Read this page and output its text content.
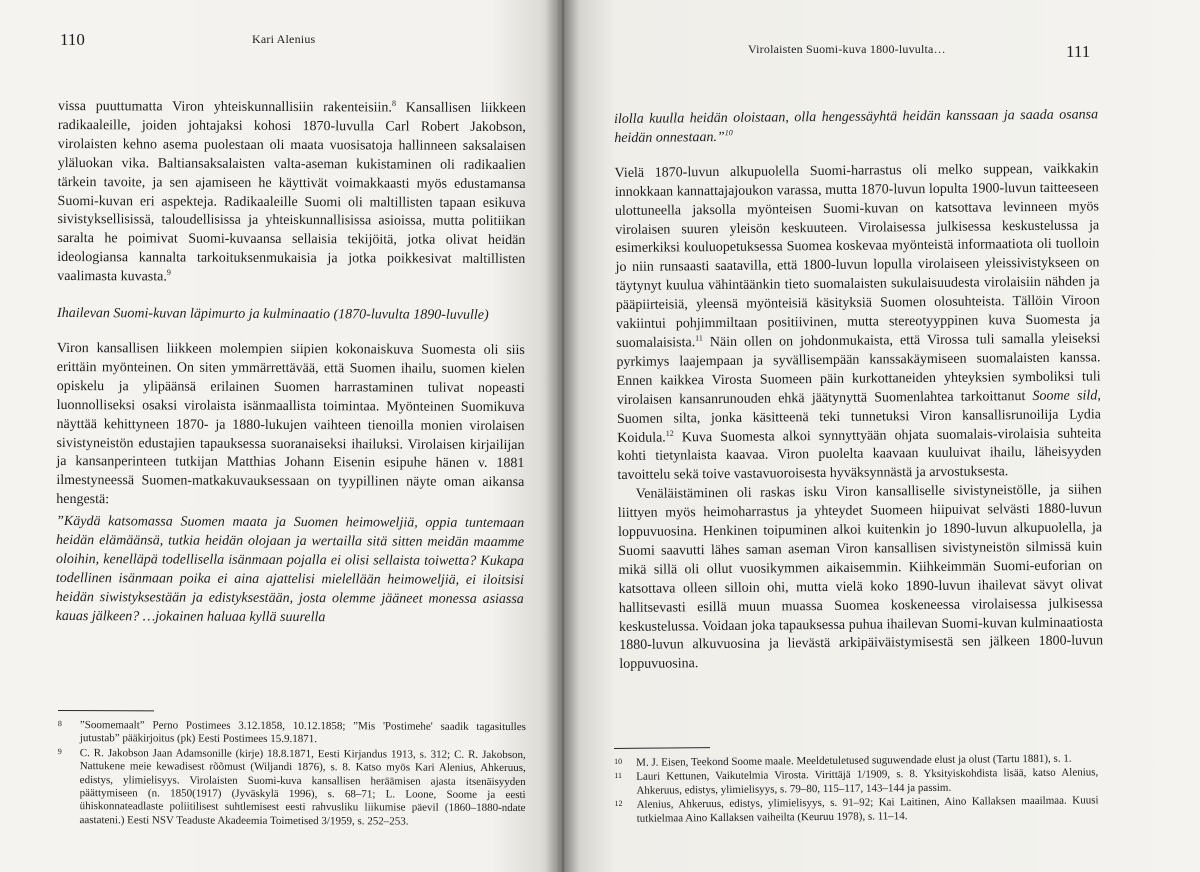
110	Kari Alenius
Virolaisten Suomi-kuva 1800-luvulta…	111

vissa puuttumatta Viron yhteiskunnallisiin rakenteisiin.$^8$ Kansallisen liikkeen radikaaleille, joiden johtajaksi kohosi 1870-luvulla Carl Robert Jakobson, virolaisten kehno asema puolestaan oli maata vuosisatoja hallinneen saksalaisen yläluokan vika. Baltiansaksalaisten valta-aseman kukistaminen oli radikaalien tärkein tavoite, ja sen ajamiseen he käyttivät voimakkaasti myös edustamansa Suomi-kuvan eri aspekteja. Radikaaleille Suomi oli maltillisten tapaan esikuva sivistyksellisissä, taloudellisissa ja yhteiskunnallisissa asioissa, mutta politiikan saralta he poimivat Suomi-kuvaansa sellaisia tekijöitä, jotka olivat heidän ideologiansa kannalta tarkoituksenmukaisia ja jotka poikkesivat maltillisten vaalimasta kuvasta.$^9$

Ihailevan Suomi-kuvan läpimurto ja kulminaatio (1870-luvulta 1890-luvulle)

Viron kansallisen liikkeen molempien siipien kokonaiskuva Suomesta oli siis erittäin myönteinen. On siten ymmärrettävää, että Suomen ihailu, suomen kielen opiskelu ja ylipäänsä erilainen Suomen harrastaminen tulivat nopeasti luonnolliseksi osaksi virolaista isänmaallista toimintaa. Myönteinen Suomikuva näyttää kehittyneen 1870- ja 1880-lukujen vaihteen tienoilla monien virolaisen sivistyneistön edustajien tapauksessa suoranaiseksi ihailuksi. Virolaisen kirjailijan ja kansanperinteen tutkijan Matthias Johann Eisenin esipuhe hänen v. 1881 ilmestyneessä Suomen-matkakuvauksessaan on tyypillinen näyte oman aikansa hengestä:

”Käydä katsomassa Suomen maata ja Suomen heimoweljiä, oppia tuntemaan heidän elämäänsä, tutkia heidän olojaan ja wertailla sitä sitten meidän maamme oloihin, kenelläpä todellisella isänmaan pojalla ei olisi sellaista toiwetta? Kukapa todellinen isänmaan poika ei aina ajattelisi mielellään heimoweljiä, ei iloitsisi heidän siwistyksestään ja edistyksestään, josta olemme jääneet monessa asiassa kauas jälkeen? …jokainen haluaa kyllä suurella

8	”Soomemaalt” Perno Postimees 3.12.1858, 10.12.1858; ”Mis 'Postimehe' saadik tagasitulles jutustab” pääkirjoitus (pk) Eesti Postimees 15.9.1871.
9	C. R. Jakobson Jaan Adamsonille (kirje) 18.8.1871, Eesti Kirjandus 1913, s. 312; C. R. Jakobson, Nattukene meie kewadisest rõõmust (Wiljandi 1876), s. 8. Katso myös Kari Alenius, Ahkeruus, edistys, ylimielisyys. Virolaisten Suomi-kuva kansallisen heräämisen ajasta itsenäisyyden päättymiseen (n. 1850(1917) (Jyväskylä 1996), s. 68–71; L. Loone, Soome ja eesti ühiskonnateadlaste poliitilisest suhtlemisest eesti rahvusliku liikumise päevil (1860–1880-ndate aastateni.) Eesti NSV Teaduste Akadeemia Toimetised 3/1959, s. 252–253.

ilolla kuulla heidän oloistaan, olla hengessäyhtä heidän kanssaan ja saada osansa heidän onnestaan.”$^{10}$

Vielä 1870-luvun alkupuolella Suomi-harrastus oli melko suppean, vaikkakin innokkaan kannattajajoukon varassa, mutta 1870-luvun lopulta 1900-luvun taitteeseen ulottuneella jaksolla myönteisen Suomi-kuvan on katsottava levinneen myös virolaisen suuren yleisön keskuuteen. Virolaisessa julkisessa keskustelussa ja esimerkiksi kouluopetuksessa Suomea koskevaa myönteistä informaatiota oli tuolloin jo niin runsaasti saatavilla, että 1800-luvun lopulla virolaiseen yleissivistykseen on täytynyt kuulua vähintäänkin tieto suomalaisten sukulaisuudesta virolaisiin nähden ja pääpiirteisiä, yleensä myönteisiä käsityksiä Suomen olosuhteista. Tällöin Viroon vakiintui pohjimmiltaan positiivinen, mutta stereotyyppinen kuva Suomesta ja suomalaisista.$^{11}$ Näin ollen on johdonmukaista, että Virossa tuli samalla yleiseksi pyrkimys laajempaan ja syvällisempään kanssakäymiseen suomalaisten kanssa. Ennen kaikkea Virosta Suomeen päin kurkottaneiden yhteyksien symboliksi tuli virolaisen kansanrunouden ehkä jäätynyttä Suomenlahtea tarkoittanut Soome sild, Suomen silta, jonka käsitteenä teki tunnetuksi Viron kansallisrunoilija Lydia Koidula.$^{12}$ Kuva Suomesta alkoi synnyttyään ohjata suomalais-virolaisia suhteita kohti tietynlaista kaavaa. Viron puolelta kaavaan kuuluivat ihailu, läheisyyden tavoittelu sekä toive vastavuoroisesta hyväksynnästä ja arvostuksesta.

Venäläistäminen oli raskas isku Viron kansalliselle sivistyneistölle, ja siihen liittyen myös heimoharrastus ja yhteydet Suomeen hiipuivat selvästi 1880-luvun loppuvuosina. Henkinen toipuminen alkoi kuitenkin jo 1890-luvun alkupuolella, ja Suomi saavutti lähes saman aseman Viron kansallisen sivistyneistön silmissä kuin mikä sillä oli ollut vuosikymmen aikaisemmin. Kiihkeimmän Suomi-euforian on katsottava olleen silloin ohi, mutta vielä koko 1890-luvun ihailevat sävyt olivat hallitsevasti esillä muun muassa Suomea koskeneessa virolaisessa julkisessa keskustelussa. Voidaan joka tapauksessa puhua ihailevan Suomi-kuvan kulminaatiosta 1880-luvun alkuvuosina ja lievästä arkipäiväistymisestä sen jälkeen 1800-luvun loppuvuosina.

10	M. J. Eisen, Teekond Soome maale. Meeldetuletused suguwendade elust ja olust (Tartu 1881), s. 1.
11	Lauri Kettunen, Vaikutelmia Virosta. Virittäjä 1/1909, s. 8. Yksityiskohdista lisää, katso Alenius, Ahkeruus, edistys, ylimielisyys, s. 79–80, 115–117, 143–144 ja passim.
12	Alenius, Ahkeruus, edistys, ylimielisyys, s. 91–92; Kai Laitinen, Aino Kallaksen maailmaa. Kuusi tutkielmaa Aino Kallaksen vaiheilta (Keuruu 1978), s. 11–14.
